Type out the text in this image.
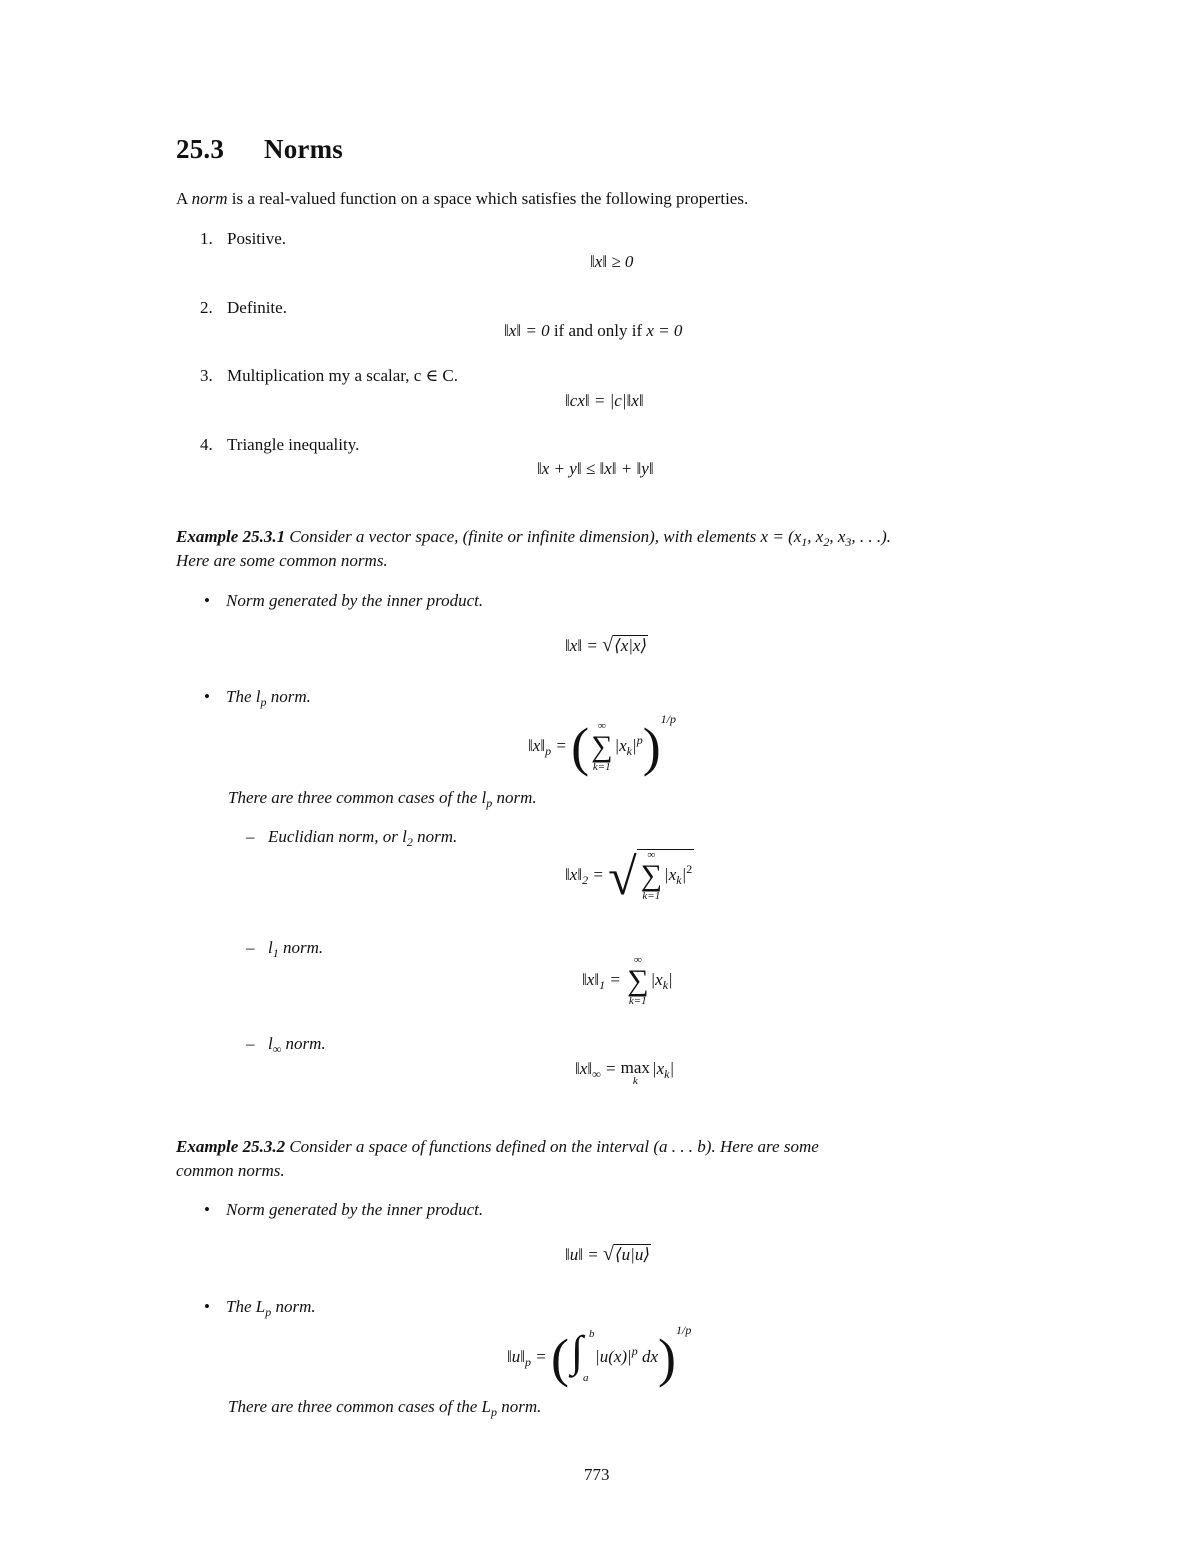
25.3 Norms
A norm is a real-valued function on a space which satisfies the following properties.
1. Positive.
‖x‖ ≥ 0
2. Definite.
‖x‖ = 0 if and only if x = 0
3. Multiplication my a scalar, c ∈ C.
‖cx‖ = |c|‖x‖
4. Triangle inequality.
‖x + y‖ ≤ ‖x‖ + ‖y‖
Example 25.3.1 Consider a vector space, (finite or infinite dimension), with elements $x = (x_1$, $x_2$, $x_3$, . . .).
Here are some common norms.
• Norm generated by the inner product.
‖x‖ = √⟨x|x⟩
• The $l_p$ norm.
$‖x‖_p$ = ( ∞
∑
k=1
$|x_k|^p)^{1/p}$
There are three common cases of the $l_p$ norm.
– Euclidian norm, or $l_2$ norm.
$‖x‖_2$ = √ ∞
∑
k=1
$|x_k|^2$
– $l_1$ norm.
$‖x‖_1$ =
∞
∑
k=1
$|x_k|$
– $l_\infty$ norm.
$‖x‖_\infty = \max$
k
$|x_k|$
Example 25.3.2 Consider a space of functions defined on the interval (a . . . b). Here are some
common norms.
• Norm generated by the inner product.
‖u‖ = √⟨u|u⟩
• The $L_p$ norm.
$‖u‖_p$ = ( ∫ b
a
$|u(x)|^p$ dx)$^{1/p}$
There are three common cases of the $L_p$ norm.
773
